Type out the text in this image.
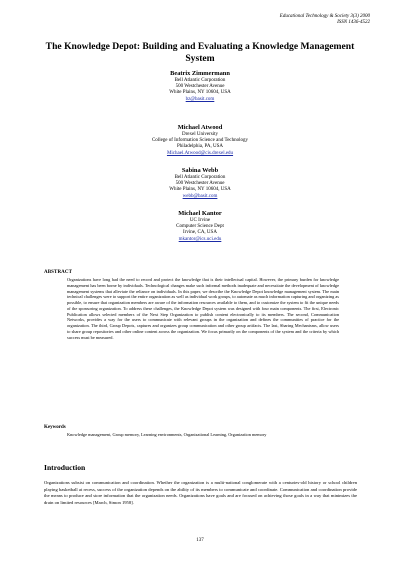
Educational Technology & Society 3(3) 2000
ISSN 1436-4522
The Knowledge Depot: Building and Evaluating a Knowledge Management System
Beatrix Zimmermann
Bell Atlantic Corporation
500 Westchester Avenue
White Plains, NY 10604, USA
bz@basit.com
Michael Atwood
Drexel University
College of Information Science and Technology
Philadelphia, PA, USA
Michael.Atwood@cis.drexel.edu
Sabina Webb
Bell Atlantic Corporation
500 Westchester Avenue
White Plains, NY 10604, USA
webb@basit.com
Michael Kantor
UC Irvine
Computer Science Dept
Irvine, CA, USA
mkantor@ics.uci.edu
ABSTRACT

Organizations have long had the need to record and protect the knowledge that is their intellectual capital. However, the primary burden for knowledge management has been borne by individuals. Technological changes make such informal methods inadequate and necessitate the development of knowledge management systems that alleviate the reliance on individuals. In this paper, we describe the Knowledge Depot knowledge management system. The main technical challenges were to support the entire organization as well as individual work groups, to automate as much information capturing and organizing as possible, to ensure that organization members are aware of the information resources available to them, and to customize the system to fit the unique needs of the sponsoring organization. To address these challenges, the Knowledge Depot system was designed with four main components. The first, Electronic Publication allows selected members of the Next Step Organization to publish content electronically to its members. The second, Communication Networks, provides a way for the users to communicate with relevant groups in the organization and defines the communities of practice for the organization. The third, Group Depots, captures and organizes group communication and other group artifacts. The last, Sharing Mechanisms, allow users to share group repositories and other online content across the organization. We focus primarily on the components of the system and the criteria by which success must be measured.

Keywords

Knowledge management, Group memory, Learning environments, Organizational Learning, Organization memory

Introduction

Organizations subsist on communication and coordination. Whether the organization is a multi-national conglomerate with a centuries-old history or school children playing basketball at recess, success of the organization depends on the ability of its members to communicate and coordinate. Communication and coordination provide the means to produce and store information that the organization needs. Organizations have goals and are focused on achieving those goals in a way that minimizes the drain on limited resources [March, Simon 1958].

137
